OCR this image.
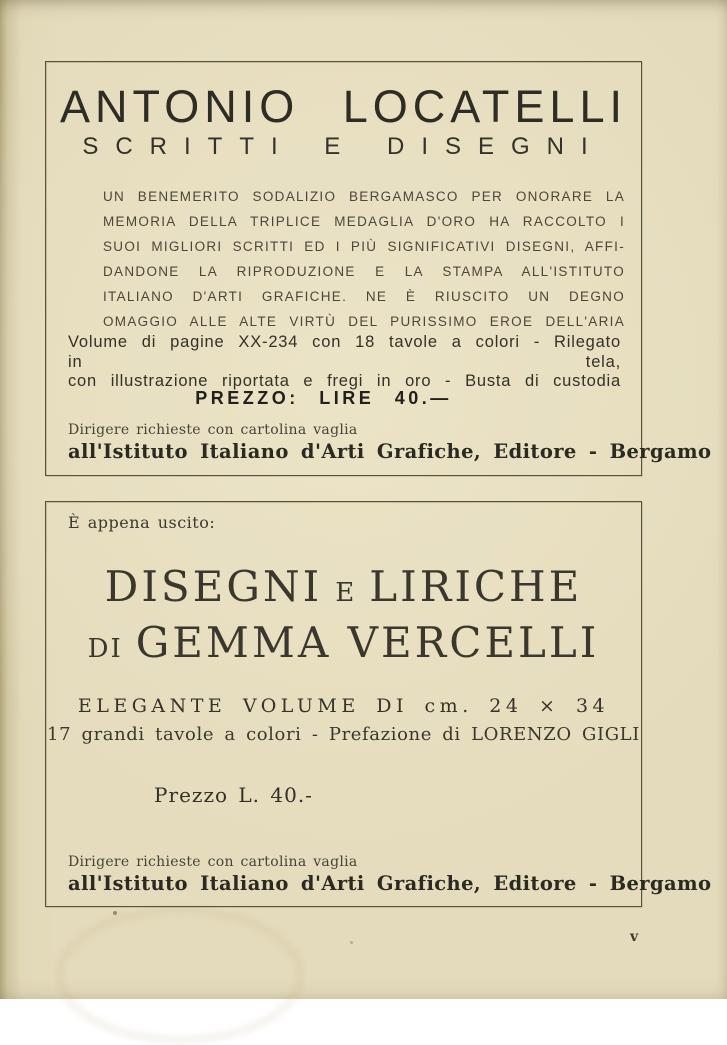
ANTONIO LOCATELLI
SCRITTI E DISEGNI
UN BENEMERITO SODALIZIO BERGAMASCO PER ONORARE LA
MEMORIA DELLA TRIPLICE MEDAGLIA D'ORO HA RACCOLTO I
SUOI MIGLIORI SCRITTI ED I PIÙ SIGNIFICATIVI DISEGNI, AFFI-
DANDONE LA RIPRODUZIONE E LA STAMPA ALL'ISTITUTO
ITALIANO D'ARTI GRAFICHE. NE È RIUSCITO UN DEGNO
OMAGGIO ALLE ALTE VIRTÙ DEL PURISSIMO EROE DELL'ARIA
Volume di pagine XX-234 con 18 tavole a colori - Rilegato in tela,
con illustrazione riportata e fregi in oro - Busta di custodia
PREZZO: LIRE 40.—
Dirigere richieste con cartolina vaglia
all'Istituto Italiano d'Arti Grafiche, Editore - Bergamo
È appena uscito:
DISEGNI E LIRICHE
DI GEMMA VERCELLI
ELEGANTE VOLUME DI cm. 24 × 34
17 grandi tavole a colori - Prefazione di LORENZO GIGLI
Prezzo L. 40.-
Dirigere richieste con cartolina vaglia
all'Istituto Italiano d'Arti Grafiche, Editore - Bergamo
v
